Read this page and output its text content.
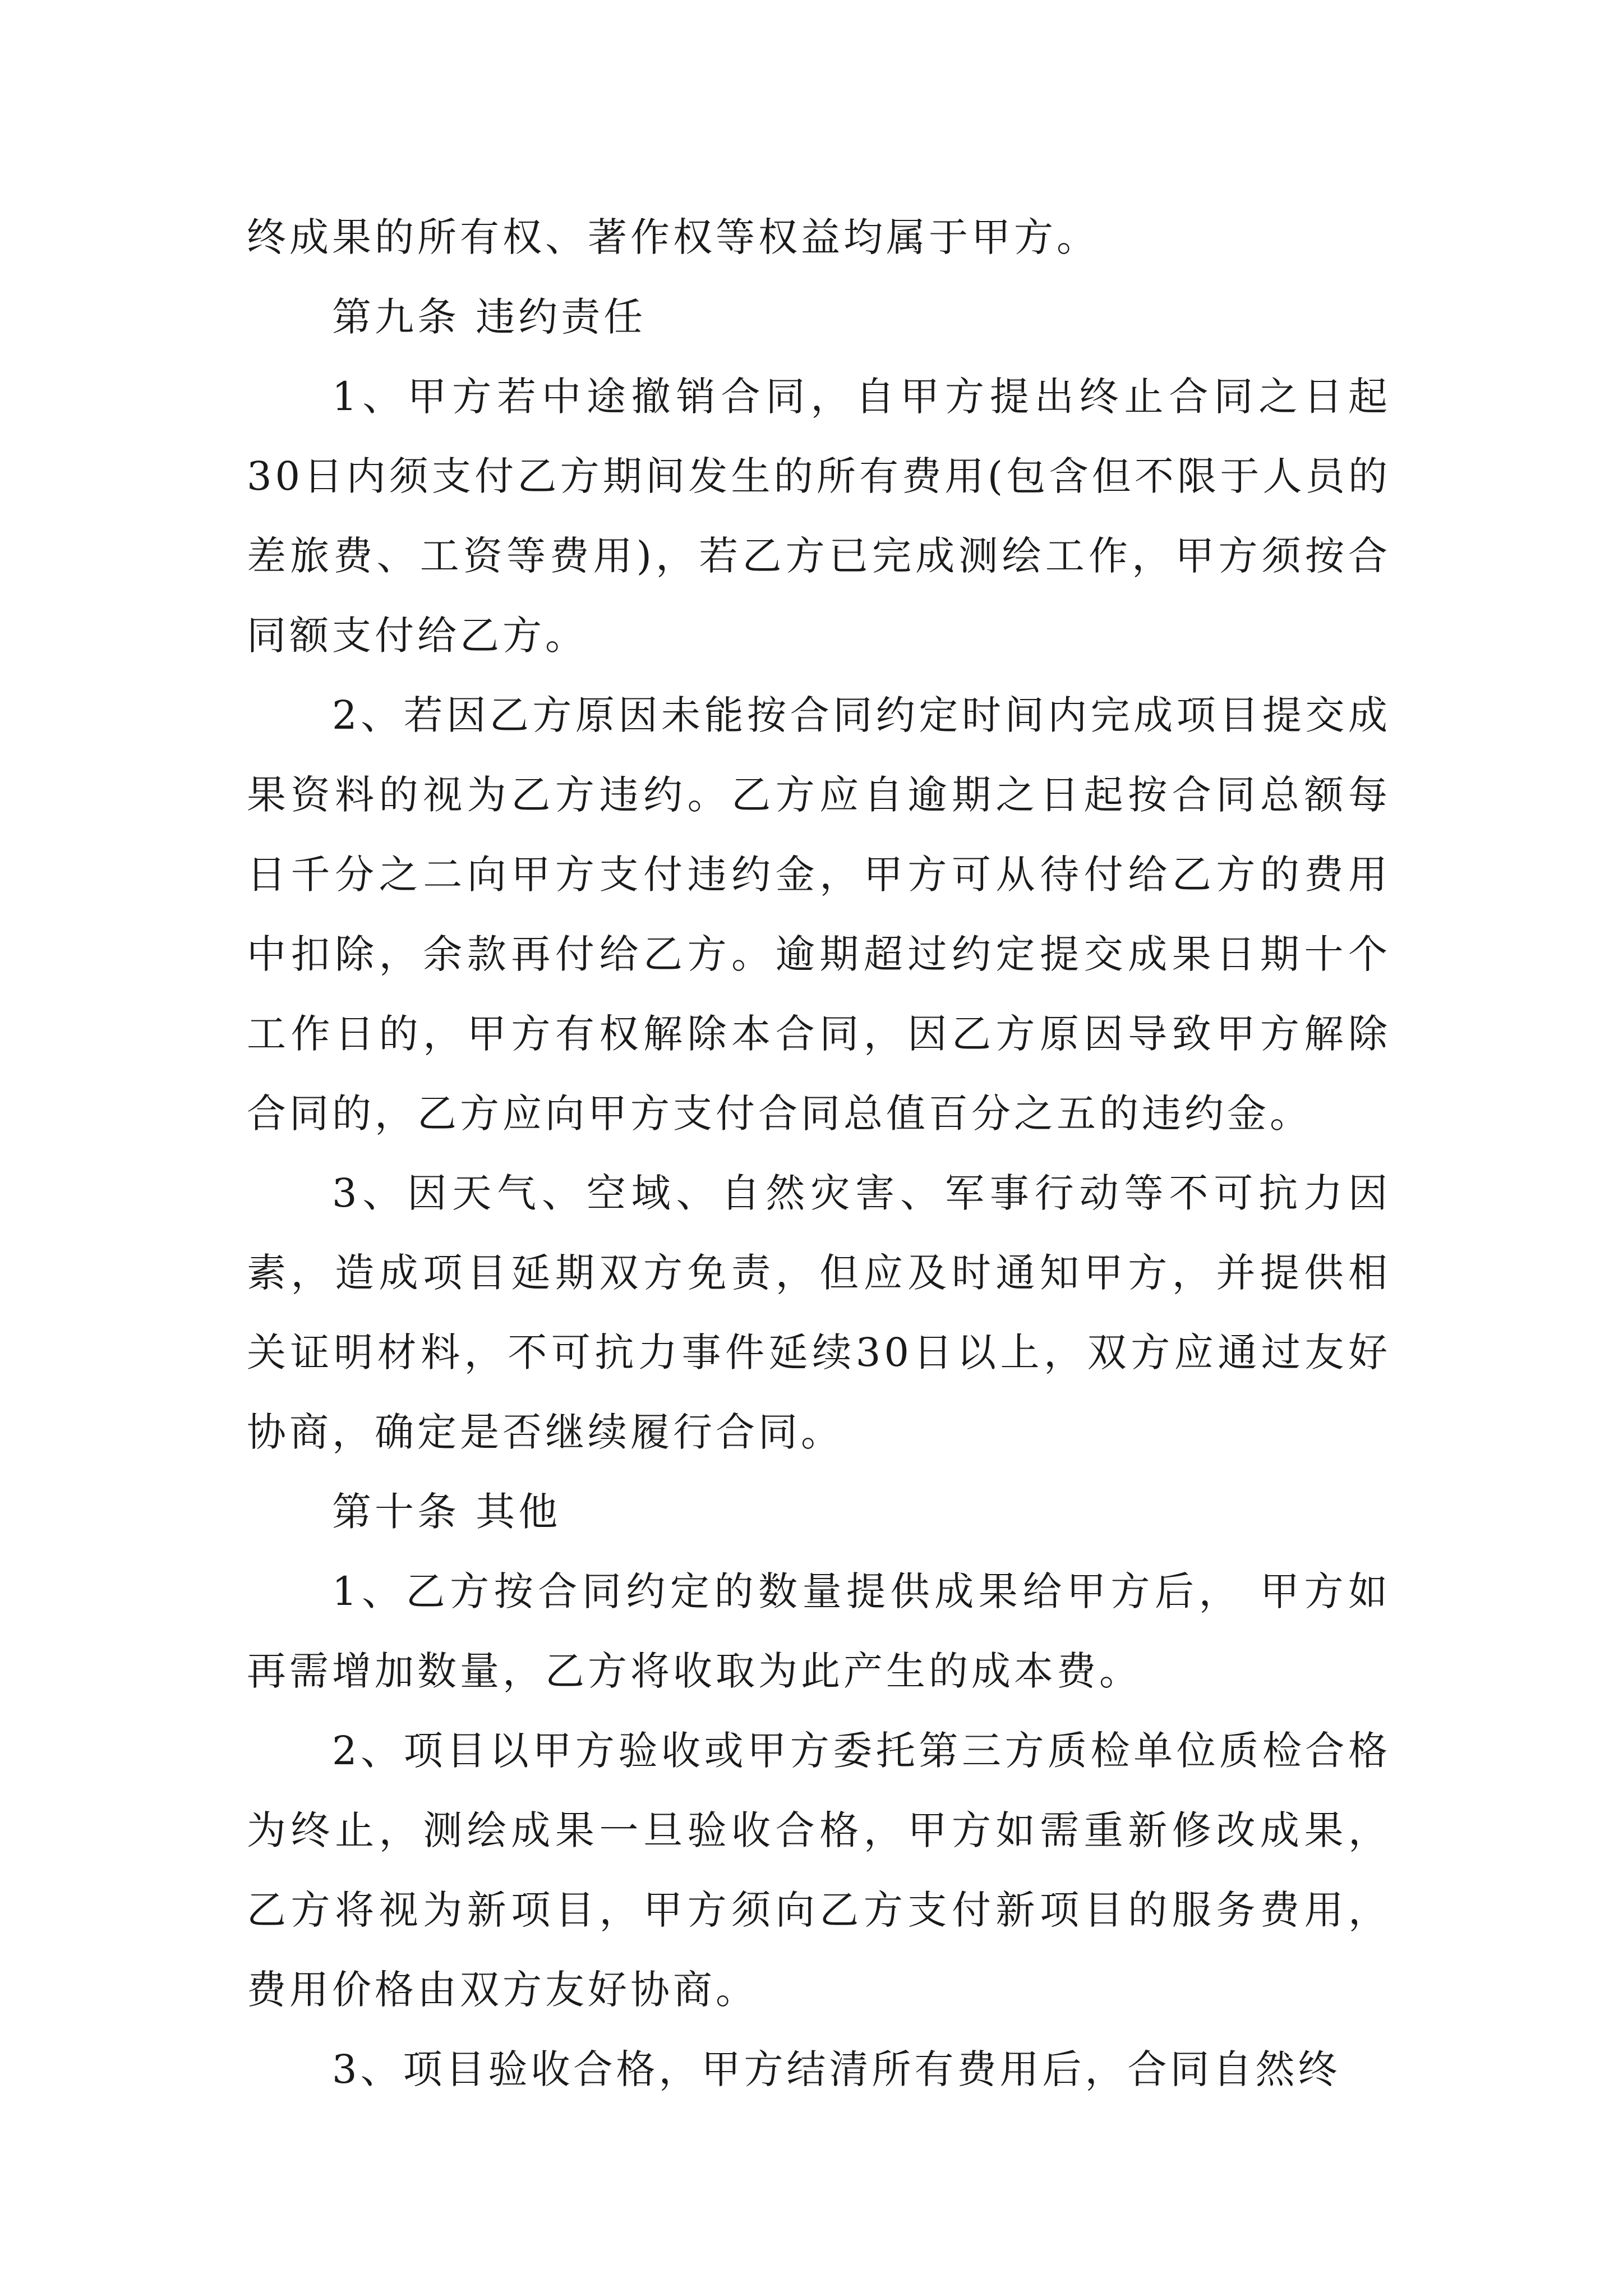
终成果的所有权、著作权等权益均属于甲方。

第九条 违约责任

1、甲方若中途撤销合同，自甲方提出终止合同之日起30日内须支付乙方期间发生的所有费用(包含但不限于人员的差旅费、工资等费用)，若乙方已完成测绘工作，甲方须按合同额支付给乙方。

2、若因乙方原因未能按合同约定时间内完成项目提交成果资料的视为乙方违约。乙方应自逾期之日起按合同总额每日千分之二向甲方支付违约金，甲方可从待付给乙方的费用中扣除，余款再付给乙方。逾期超过约定提交成果日期十个工作日的，甲方有权解除本合同，因乙方原因导致甲方解除合同的，乙方应向甲方支付合同总值百分之五的违约金。

3、因天气、空域、自然灾害、军事行动等不可抗力因素，造成项目延期双方免责，但应及时通知甲方，并提供相关证明材料，不可抗力事件延续30日以上，双方应通过友好协商，确定是否继续履行合同。

第十条 其他

1、乙方按合同约定的数量提供成果给甲方后， 甲方如再需增加数量，乙方将收取为此产生的成本费。

2、项目以甲方验收或甲方委托第三方质检单位质检合格为终止，测绘成果一旦验收合格，甲方如需重新修改成果，乙方将视为新项目，甲方须向乙方支付新项目的服务费用，费用价格由双方友好协商。

3、项目验收合格，甲方结清所有费用后，合同自然终
